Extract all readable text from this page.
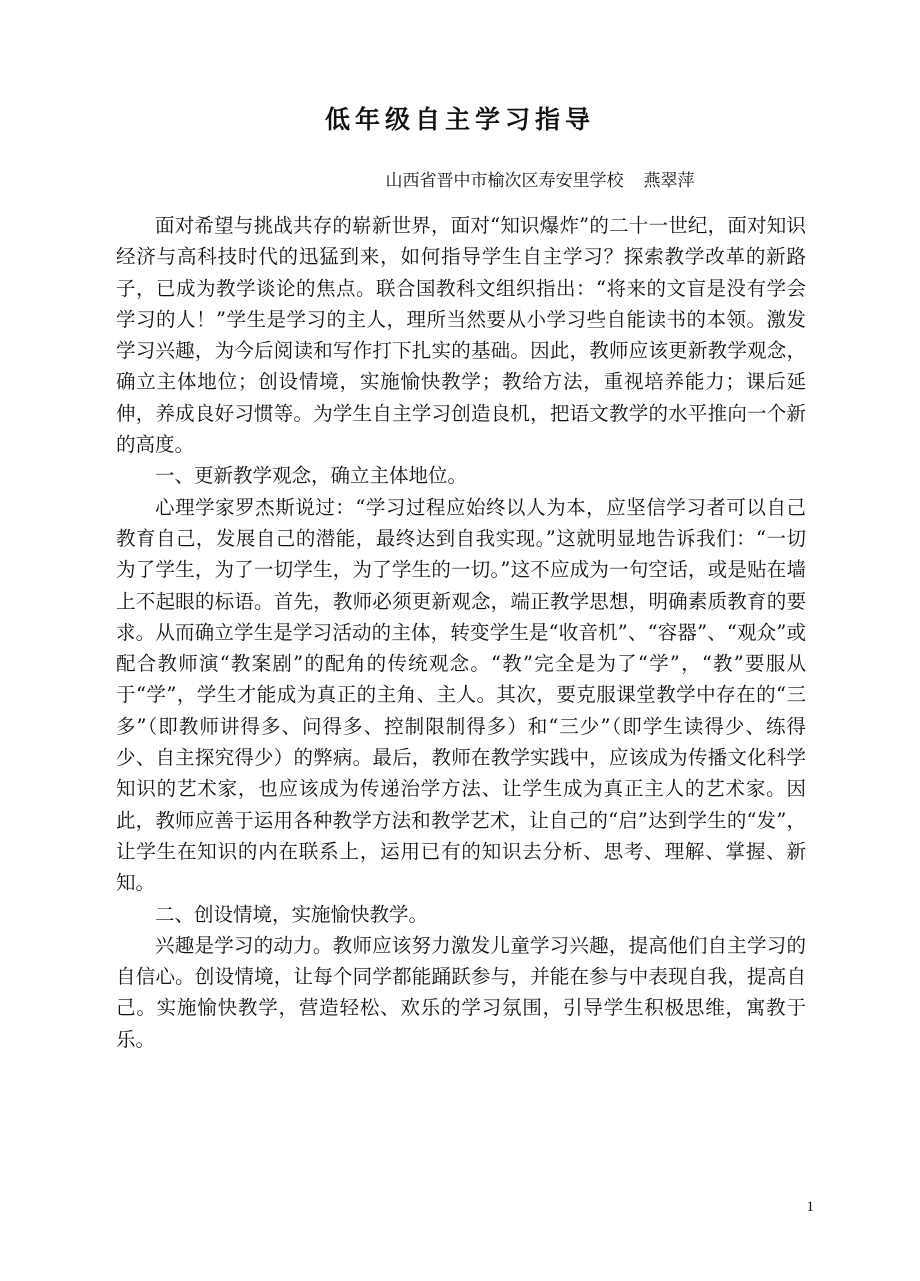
低年级自主学习指导
山西省晋中市榆次区寿安里学校 燕翠萍

面对希望与挑战共存的崭新世界，面对“知识爆炸”的二十一世纪，面对知识经济与高科技时代的迅猛到来，如何指导学生自主学习？探索教学改革的新路子，已成为教学谈论的焦点。联合国教科文组织指出：“将来的文盲是没有学会学习的人！”学生是学习的主人，理所当然要从小学习些自能读书的本领。激发学习兴趣，为今后阅读和写作打下扎实的基础。因此，教师应该更新教学观念，确立主体地位；创设情境，实施愉快教学；教给方法，重视培养能力；课后延伸，养成良好习惯等。为学生自主学习创造良机，把语文教学的水平推向一个新的高度。

一、更新教学观念，确立主体地位。

心理学家罗杰斯说过：“学习过程应始终以人为本，应坚信学习者可以自己教育自己，发展自己的潜能，最终达到自我实现。”这就明显地告诉我们：“一切为了学生，为了一切学生，为了学生的一切。”这不应成为一句空话，或是贴在墙上不起眼的标语。首先，教师必须更新观念，端正教学思想，明确素质教育的要求。从而确立学生是学习活动的主体，转变学生是“收音机”、“容器”、“观众”或配合教师演“教案剧”的配角的传统观念。“教”完全是为了“学”，“教”要服从于“学”，学生才能成为真正的主角、主人。其次，要克服课堂教学中存在的“三多”（即教师讲得多、问得多、控制限制得多）和“三少”（即学生读得少、练得少、自主探究得少）的弊病。最后，教师在教学实践中，应该成为传播文化科学知识的艺术家，也应该成为传递治学方法、让学生成为真正主人的艺术家。因此，教师应善于运用各种教学方法和教学艺术，让自己的“启”达到学生的“发”，让学生在知识的内在联系上，运用已有的知识去分析、思考、理解、掌握、新知。

二、创设情境，实施愉快教学。

兴趣是学习的动力。教师应该努力激发儿童学习兴趣，提高他们自主学习的自信心。创设情境，让每个同学都能踊跃参与，并能在参与中表现自我，提高自己。实施愉快教学，营造轻松、欢乐的学习氛围，引导学生积极思维，寓教于乐。

1
